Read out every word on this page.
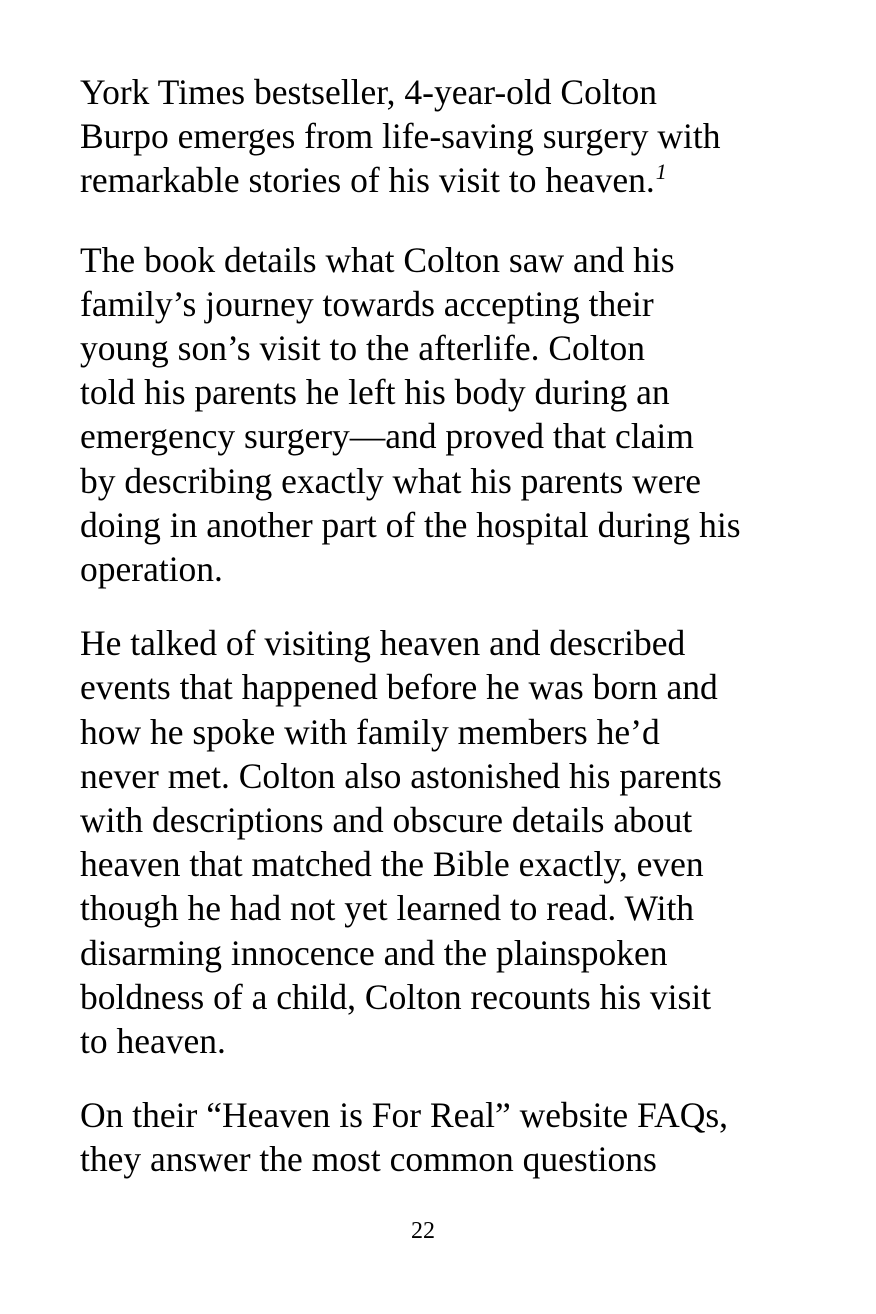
York Times bestseller, 4-year-old Colton
Burpo emerges from life-saving surgery with
remarkable stories of his visit to heaven.$^1$

The book details what Colton saw and his
family’s journey towards accepting their
young son’s visit to the afterlife. Colton
told his parents he left his body during an
emergency surgery—and proved that claim
by describing exactly what his parents were
doing in another part of the hospital during his
operation.

He talked of visiting heaven and described
events that happened before he was born and
how he spoke with family members he’d
never met. Colton also astonished his parents
with descriptions and obscure details about
heaven that matched the Bible exactly, even
though he had not yet learned to read. With
disarming innocence and the plainspoken
boldness of a child, Colton recounts his visit
to heaven.

On their “Heaven is For Real” website FAQs,
they answer the most common questions

22
